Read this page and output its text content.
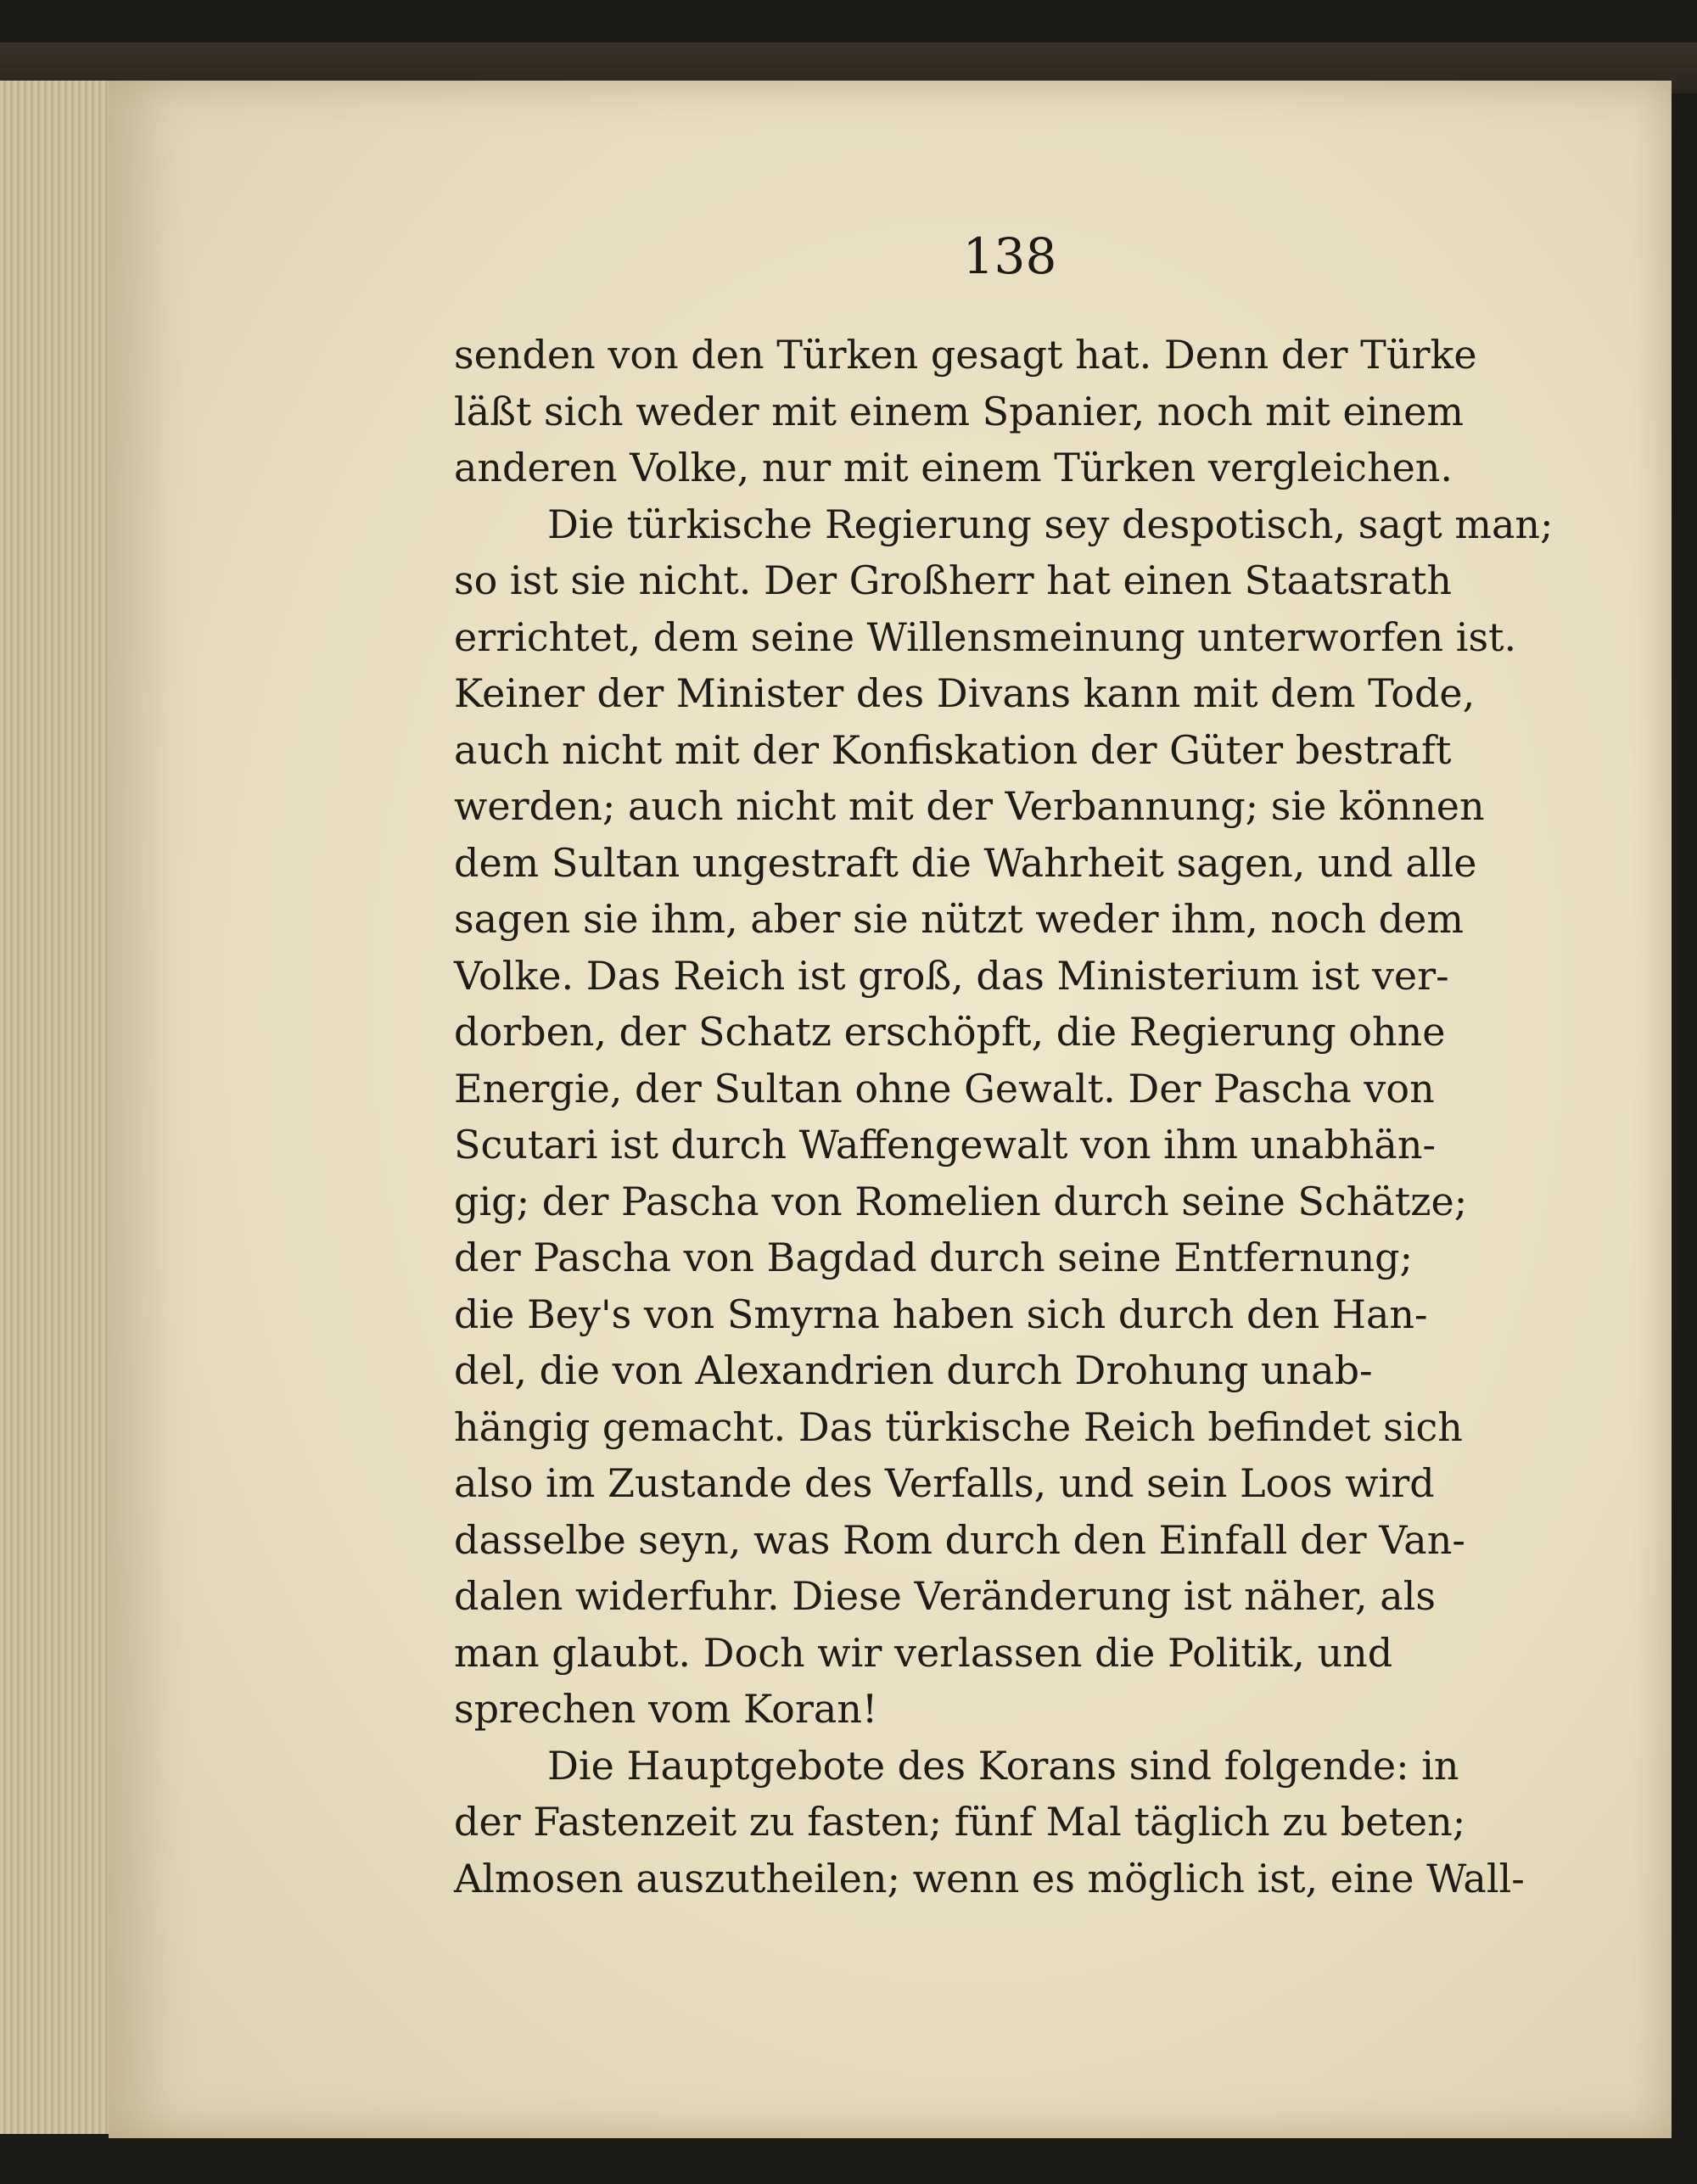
138
senden von den Türken gesagt hat. Denn der Türke
läßt sich weder mit einem Spanier, noch mit einem
anderen Volke, nur mit einem Türken vergleichen.
Die türkische Regierung sey despotisch, sagt man;
so ist sie nicht. Der Großherr hat einen Staatsrath
errichtet, dem seine Willensmeinung unterworfen ist.
Keiner der Minister des Divans kann mit dem Tode,
auch nicht mit der Konfiskation der Güter bestraft
werden; auch nicht mit der Verbannung; sie können
dem Sultan ungestraft die Wahrheit sagen, und alle
sagen sie ihm, aber sie nützt weder ihm, noch dem
Volke. Das Reich ist groß, das Ministerium ist ver-
dorben, der Schatz erschöpft, die Regierung ohne
Energie, der Sultan ohne Gewalt. Der Pascha von
Scutari ist durch Waffengewalt von ihm unabhän-
gig; der Pascha von Romelien durch seine Schätze;
der Pascha von Bagdad durch seine Entfernung;
die Bey's von Smyrna haben sich durch den Han-
del, die von Alexandrien durch Drohung unab-
hängig gemacht. Das türkische Reich befindet sich
also im Zustande des Verfalls, und sein Loos wird
dasselbe seyn, was Rom durch den Einfall der Van-
dalen widerfuhr. Diese Veränderung ist näher, als
man glaubt. Doch wir verlassen die Politik, und
sprechen vom Koran!
Die Hauptgebote des Korans sind folgende: in
der Fastenzeit zu fasten; fünf Mal täglich zu beten;
Almosen auszutheilen; wenn es möglich ist, eine Wall-
